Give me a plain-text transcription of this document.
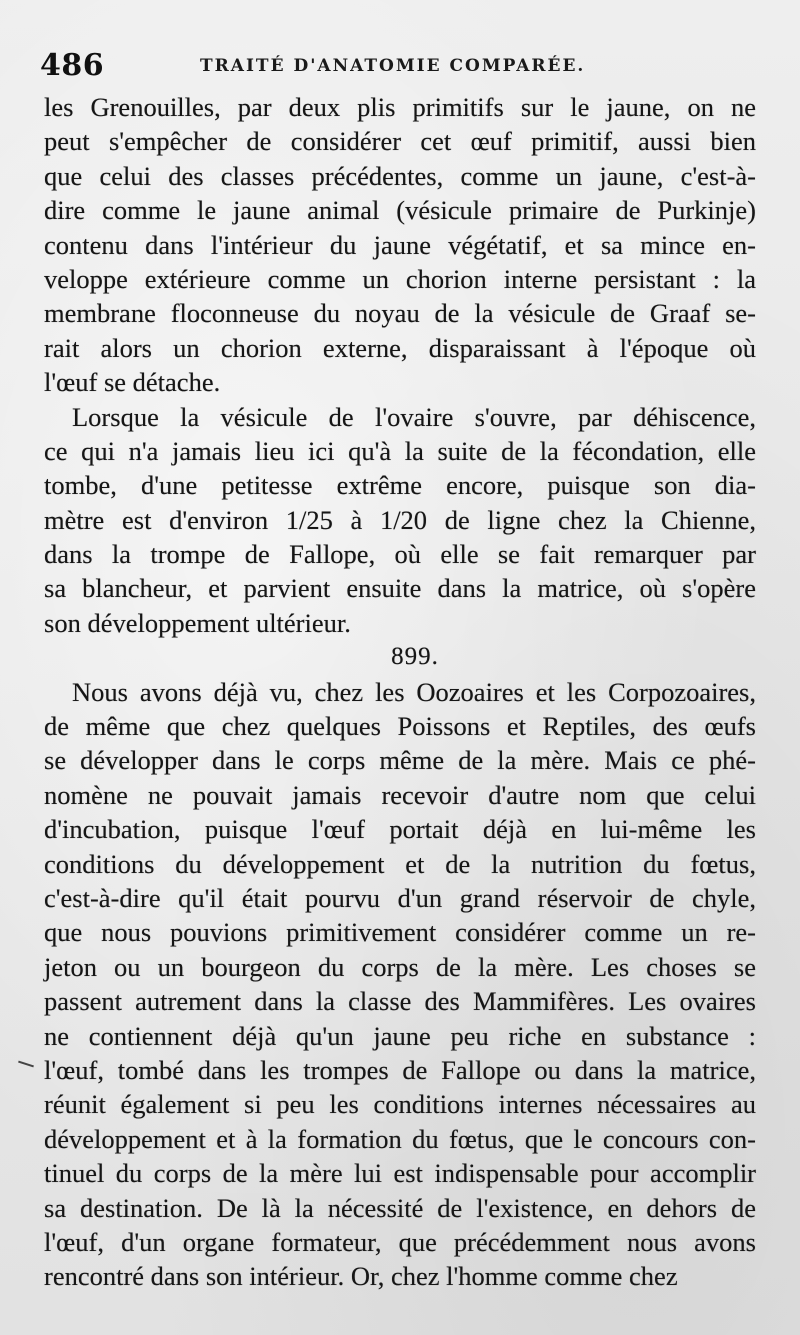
486	TRAITÉ D'ANATOMIE COMPARÉE.
les Grenouilles, par deux plis primitifs sur le jaune, on ne
peut s'empêcher de considérer cet œuf primitif, aussi bien
que celui des classes précédentes, comme un jaune, c'est-à-
dire comme le jaune animal (vésicule primaire de Purkinje)
contenu dans l'intérieur du jaune végétatif, et sa mince en-
veloppe extérieure comme un chorion interne persistant : la
membrane floconneuse du noyau de la vésicule de Graaf se-
rait alors un chorion externe, disparaissant à l'époque où
l'œuf se détache.
Lorsque la vésicule de l'ovaire s'ouvre, par déhiscence,
ce qui n'a jamais lieu ici qu'à la suite de la fécondation, elle
tombe, d'une petitesse extrême encore, puisque son dia-
mètre est d'environ 1/25 à 1/20 de ligne chez la Chienne,
dans la trompe de Fallope, où elle se fait remarquer par
sa blancheur, et parvient ensuite dans la matrice, où s'opère
son développement ultérieur.
899.
Nous avons déjà vu, chez les Oozoaires et les Corpozoaires,
de même que chez quelques Poissons et Reptiles, des œufs
se développer dans le corps même de la mère. Mais ce phé-
nomène ne pouvait jamais recevoir d'autre nom que celui
d'incubation, puisque l'œuf portait déjà en lui-même les
conditions du développement et de la nutrition du fœtus,
c'est-à-dire qu'il était pourvu d'un grand réservoir de chyle,
que nous pouvions primitivement considérer comme un re-
jeton ou un bourgeon du corps de la mère. Les choses se
passent autrement dans la classe des Mammifères. Les ovaires
ne contiennent déjà qu'un jaune peu riche en substance :
l'œuf, tombé dans les trompes de Fallope ou dans la matrice,
réunit également si peu les conditions internes nécessaires au
développement et à la formation du fœtus, que le concours con-
tinuel du corps de la mère lui est indispensable pour accomplir
sa destination. De là la nécessité de l'existence, en dehors de
l'œuf, d'un organe formateur, que précédemment nous avons
rencontré dans son intérieur. Or, chez l'homme comme chez
